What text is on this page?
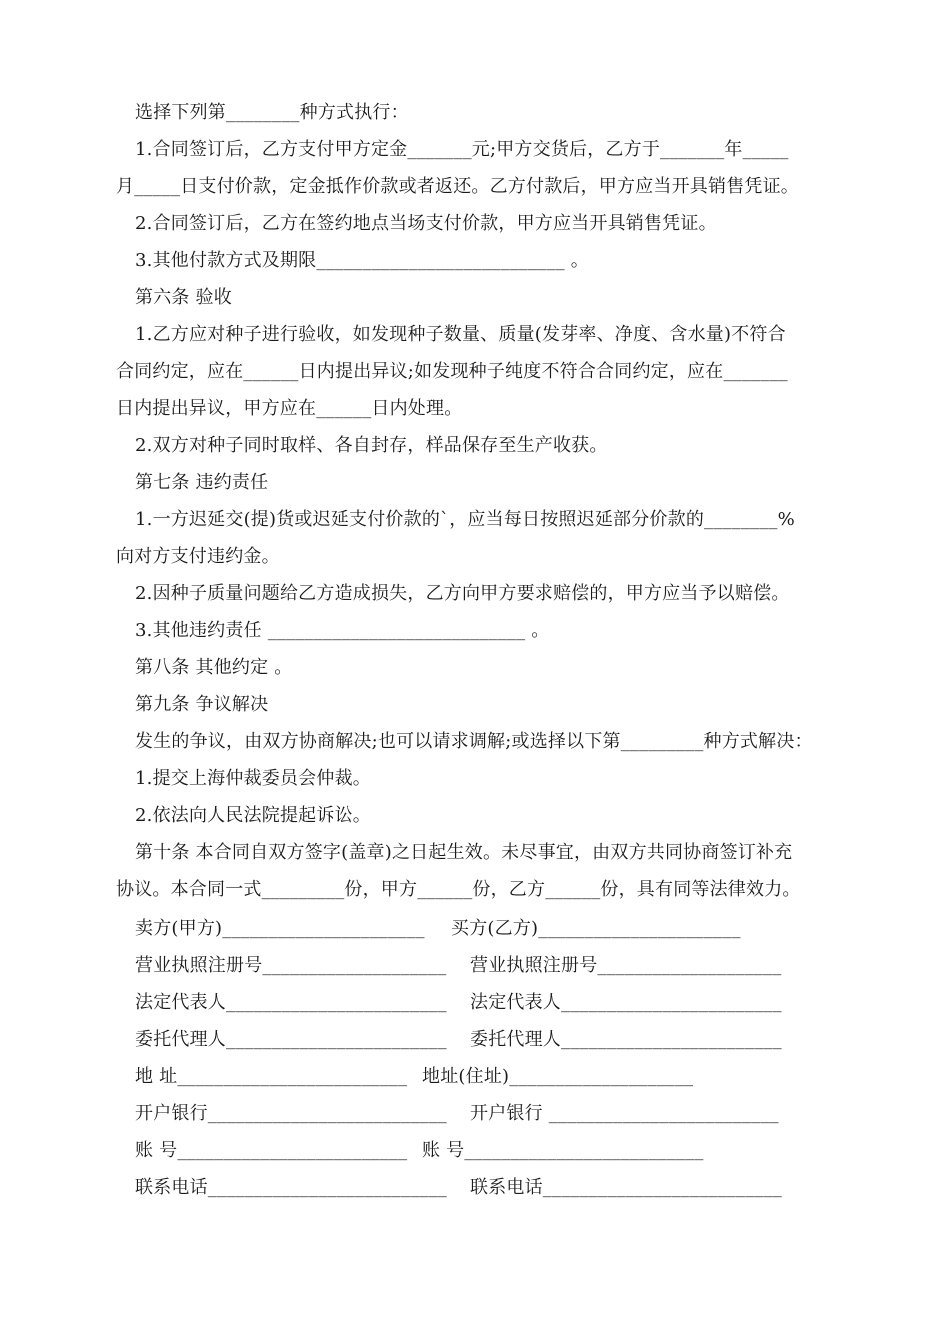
选择下列第________种方式执行：
1.合同签订后，乙方支付甲方定金_______元;甲方交货后，乙方于_______年_____
月_____日支付价款，定金抵作价款或者返还。乙方付款后，甲方应当开具销售凭证。
2.合同签订后，乙方在签约地点当场支付价款，甲方应当开具销售凭证。
3.其他付款方式及期限___________________________ 。
第六条 验收
1.乙方应对种子进行验收，如发现种子数量、质量(发芽率、净度、含水量)不符合
合同约定，应在______日内提出异议;如发现种子纯度不符合合同约定，应在_______
日内提出异议，甲方应在______日内处理。
2.双方对种子同时取样、各自封存，样品保存至生产收获。
第七条 违约责任
1.一方迟延交(提)货或迟延支付价款的`，应当每日按照迟延部分价款的________%
向对方支付违约金。
2.因种子质量问题给乙方造成损失，乙方向甲方要求赔偿的，甲方应当予以赔偿。
3.其他违约责任 ____________________________ 。
第八条 其他约定 。
第九条 争议解决
发生的争议，由双方协商解决;也可以请求调解;或选择以下第_________种方式解决：
1.提交上海仲裁委员会仲裁。
2.依法向人民法院提起诉讼。
第十条 本合同自双方签字(盖章)之日起生效。未尽事宜，由双方共同协商签订补充
协议。本合同一式_________份，甲方______份，乙方______份，具有同等法律效力。
卖方(甲方)______________________ 买方(乙方)______________________
营业执照注册号____________________ 营业执照注册号____________________
法定代表人________________________ 法定代表人________________________
委托代理人________________________ 委托代理人________________________
地 址_________________________ 地址(住址)____________________
开户银行__________________________ 开户银行 _________________________
账 号_________________________ 账 号__________________________
联系电话__________________________ 联系电话__________________________
